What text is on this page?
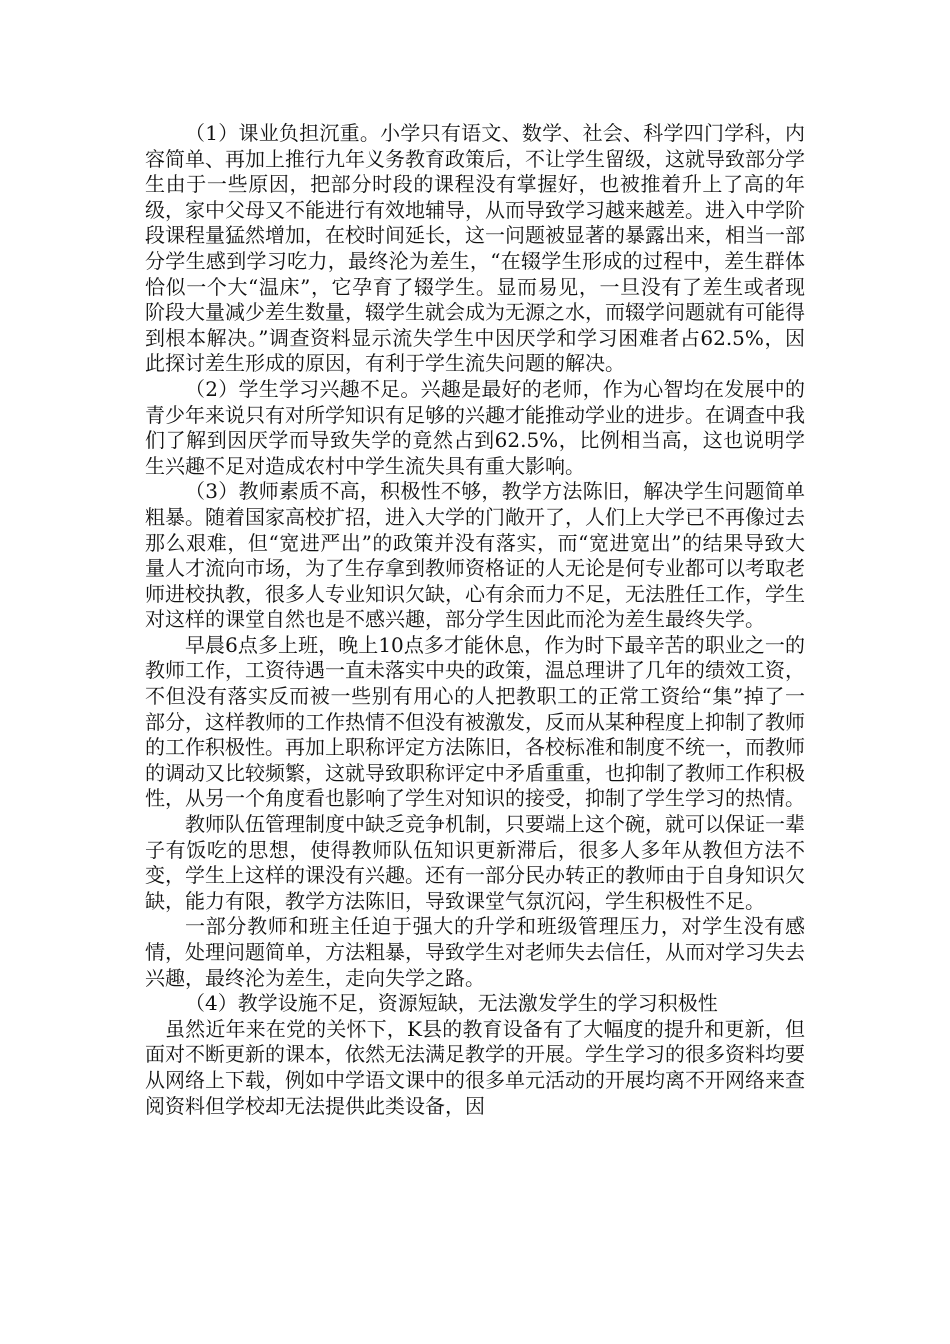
（1）课业负担沉重。小学只有语文、数学、社会、科学四门学科，内容简单、再加上推行九年义务教育政策后，不让学生留级，这就导致部分学生由于一些原因，把部分时段的课程没有掌握好，也被推着升上了高的年级，家中父母又不能进行有效地辅导，从而导致学习越来越差。进入中学阶段课程量猛然增加，在校时间延长，这一问题被显著的暴露出来，相当一部分学生感到学习吃力，最终沦为差生，“在辍学生形成的过程中，差生群体恰似一个大“温床”，它孕育了辍学生。显而易见，一旦没有了差生或者现阶段大量减少差生数量，辍学生就会成为无源之水，而辍学问题就有可能得到根本解决。”调查资料显示流失学生中因厌学和学习困难者占62.5%，因此探讨差生形成的原因，有利于学生流失问题的解决。

（2）学生学习兴趣不足。兴趣是最好的老师，作为心智均在发展中的青少年来说只有对所学知识有足够的兴趣才能推动学业的进步。在调查中我们了解到因厌学而导致失学的竟然占到62.5%，比例相当高，这也说明学生兴趣不足对造成农村中学生流失具有重大影响。

（3）教师素质不高，积极性不够，教学方法陈旧，解决学生问题简单粗暴。随着国家高校扩招，进入大学的门敞开了，人们上大学已不再像过去那么艰难，但“宽进严出”的政策并没有落实，而“宽进宽出”的结果导致大量人才流向市场，为了生存拿到教师资格证的人无论是何专业都可以考取老师进校执教，很多人专业知识欠缺，心有余而力不足，无法胜任工作，学生对这样的课堂自然也是不感兴趣，部分学生因此而沦为差生最终失学。

早晨6点多上班，晚上10点多才能休息，作为时下最辛苦的职业之一的教师工作，工资待遇一直未落实中央的政策，温总理讲了几年的绩效工资，不但没有落实反而被一些别有用心的人把教职工的正常工资给“集”掉了一部分，这样教师的工作热情不但没有被激发，反而从某种程度上抑制了教师的工作积极性。再加上职称评定方法陈旧，各校标准和制度不统一，而教师的调动又比较频繁，这就导致职称评定中矛盾重重，也抑制了教师工作积极性，从另一个角度看也影响了学生对知识的接受，抑制了学生学习的热情。

教师队伍管理制度中缺乏竞争机制，只要端上这个碗，就可以保证一辈子有饭吃的思想，使得教师队伍知识更新滞后，很多人多年从教但方法不变，学生上这样的课没有兴趣。还有一部分民办转正的教师由于自身知识欠缺，能力有限，教学方法陈旧，导致课堂气氛沉闷，学生积极性不足。

一部分教师和班主任迫于强大的升学和班级管理压力，对学生没有感情，处理问题简单，方法粗暴，导致学生对老师失去信任，从而对学习失去兴趣，最终沦为差生，走向失学之路。

（4）教学设施不足，资源短缺，无法激发学生的学习积极性

虽然近年来在党的关怀下，K县的教育设备有了大幅度的提升和更新，但面对不断更新的课本，依然无法满足教学的开展。学生学习的很多资料均要从网络上下载，例如中学语文课中的很多单元活动的开展均离不开网络来查阅资料但学校却无法提供此类设备，因
